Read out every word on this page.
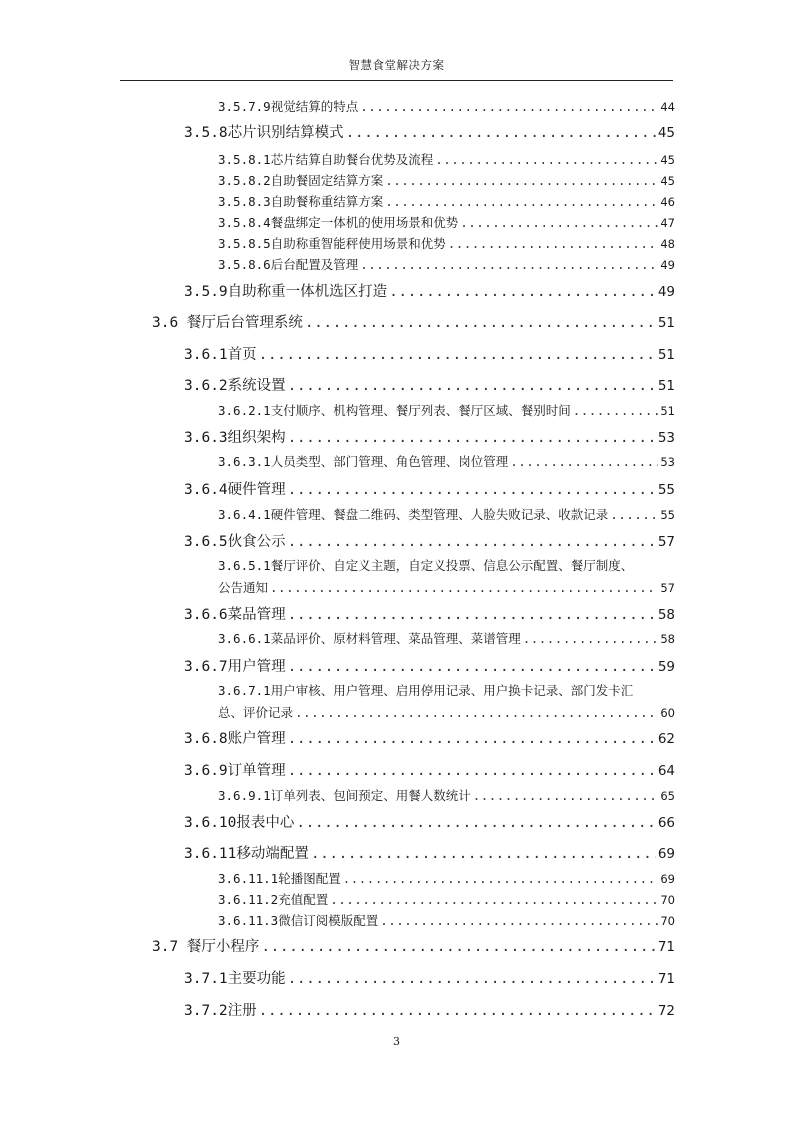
智慧食堂解决方案
3.5.7.9 视觉结算的特点 .....	44
3.5.8 芯片识别结算模式 .....	45
3.5.8.1 芯片结算自助餐台优势及流程 .....	45
3.5.8.2 自助餐固定结算方案 .....	45
3.5.8.3 自助餐称重结算方案 .....	46
3.5.8.4 餐盘绑定一体机的使用场景和优势 .....	47
3.5.8.5 自助称重智能秤使用场景和优势 .....	48
3.5.8.6 后台配置及管理 .....	49
3.5.9 自助称重一体机选区打造 .....	49
3.6 餐厅后台管理系统 .....	51
3.6.1 首页 .....	51
3.6.2 系统设置 .....	51
3.6.2.1 支付顺序、机构管理、餐厅列表、餐厅区域、餐别时间 .....	51
3.6.3 组织架构 .....	53
3.6.3.1 人员类型、部门管理、角色管理、岗位管理 .....	53
3.6.4 硬件管理 .....	55
3.6.4.1 硬件管理、餐盘二维码、类型管理、人脸失败记录、收款记录 .....	55
3.6.5 伙食公示 .....	57
3.6.5.1 餐厅评价、自定义主题，自定义投票、信息公示配置、餐厅制度、
公告通知 .....	57
3.6.6 菜品管理 .....	58
3.6.6.1 菜品评价、原材料管理、菜品管理、菜谱管理 .....	58
3.6.7 用户管理 .....	59
3.6.7.1 用户审核、用户管理、启用停用记录、用户换卡记录、部门发卡汇
总、评价记录 .....	60
3.6.8 账户管理 .....	62
3.6.9 订单管理 .....	64
3.6.9.1 订单列表、包间预定、用餐人数统计 .....	65
3.6.10 报表中心 .....	66
3.6.11 移动端配置 .....	69
3.6.11.1 轮播图配置 .....	69
3.6.11.2 充值配置 .....	70
3.6.11.3 微信订阅模版配置 .....	70
3.7 餐厅小程序 .....	71
3.7.1 主要功能 .....	71
3.7.2 注册 .....	72
3
